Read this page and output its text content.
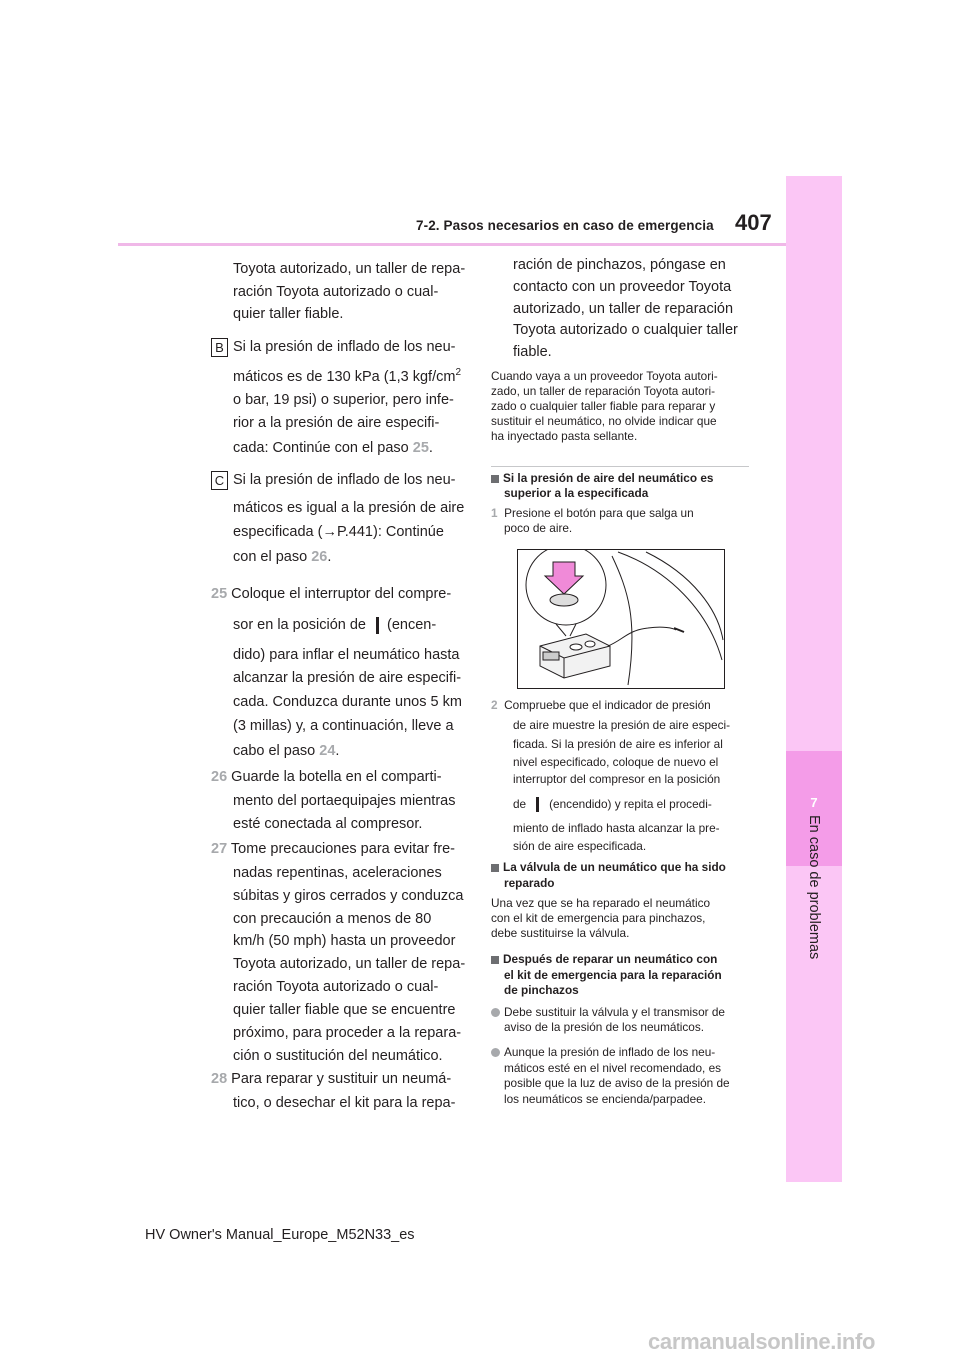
7-2. Pasos necesarios en caso de emergencia 407
7
En caso de problemas
Toyota autorizado, un taller de repa-
ración Toyota autorizado o cual-
quier taller fiable.
B Si la presión de inflado de los neu-
máticos es de 130 kPa (1,3 kgf/$cm^2$
o bar, 19 psi) o superior, pero infe-
rior a la presión de aire especifi-
cada: Continúe con el paso 25.
C Si la presión de inflado de los neu-
máticos es igual a la presión de aire
especificada (→P.441): Continúe
con el paso 26.
25 Coloque el interruptor del compre-
sor en la posición de (encen-
dido) para inflar el neumático hasta
alcanzar la presión de aire especifi-
cada. Conduzca durante unos 5 km
(3 millas) y, a continuación, lleve a
cabo el paso 24.
26 Guarde la botella en el comparti-
mento del portaequipajes mientras
esté conectada al compresor.
27 Tome precauciones para evitar fre-
nadas repentinas, aceleraciones
súbitas y giros cerrados y conduzca
con precaución a menos de 80
km/h (50 mph) hasta un proveedor
Toyota autorizado, un taller de repa-
ración Toyota autorizado o cual-
quier taller fiable que se encuentre
próximo, para proceder a la repara-
ción o sustitución del neumático.
28 Para reparar y sustituir un neumá-
tico, o desechar el kit para la repa-
ración de pinchazos, póngase en
contacto con un proveedor Toyota
autorizado, un taller de reparación
Toyota autorizado o cualquier taller
fiable.
Cuando vaya a un proveedor Toyota autori-
zado, un taller de reparación Toyota autori-
zado o cualquier taller fiable para reparar y
sustituir el neumático, no olvide indicar que
ha inyectado pasta sellante.
Si la presión de aire del neumático es
superior a la especificada
1 Presione el botón para que salga un
poco de aire.
2 Compruebe que el indicador de presión
de aire muestre la presión de aire especi-
ficada. Si la presión de aire es inferior al
nivel especificado, coloque de nuevo el
interruptor del compresor en la posición
de (encendido) y repita el procedi-
miento de inflado hasta alcanzar la pre-
sión de aire especificada.
La válvula de un neumático que ha sido
reparado
Una vez que se ha reparado el neumático
con el kit de emergencia para pinchazos,
debe sustituirse la válvula.
Después de reparar un neumático con
el kit de emergencia para la reparación
de pinchazos
Debe sustituir la válvula y el transmisor de
aviso de la presión de los neumáticos.
Aunque la presión de inflado de los neu-
máticos esté en el nivel recomendado, es
posible que la luz de aviso de la presión de
los neumáticos se encienda/parpadee.
HV Owner's Manual_Europe_M52N33_es
carmanualsonline.info
